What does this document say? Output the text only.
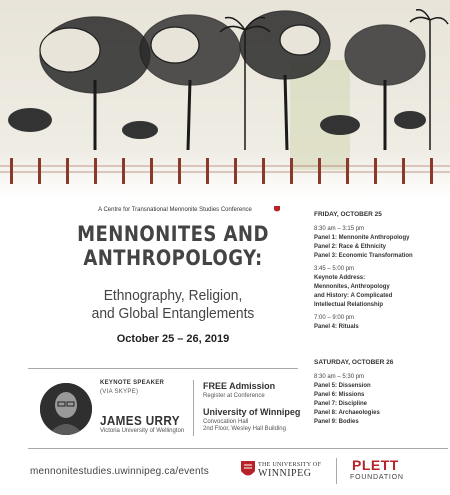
A Centre for Transnational Mennonite Studies Conference
MENNONITES AND
ANTHROPOLOGY:
Ethnography, Religion,
and Global Entanglements
October 25 – 26, 2019
KEYNOTE SPEAKER
(VIA SKYPE)
JAMES URRY
Victoria University of Wellington
FREE Admission
Register at Conference
University of Winnipeg
Convocation Hall
2nd Floor, Wesley Hall Building
FRIDAY, OCTOBER 25
8:30 am – 3:15 pm
Panel 1: Mennonite Anthropology
Panel 2: Race & Ethnicity
Panel 3: Economic Transformation
3:45 – 5:00 pm
Keynote Address:
Mennonites, Anthropology
and History: A Complicated
Intellectual Relationship
7:00 – 9:00 pm
Panel 4: Rituals
SATURDAY, OCTOBER 26
8:30 am – 5:30 pm
Panel 5: Dissension
Panel 6: Missions
Panel 7: Discipline
Panel 8: Archaeologies
Panel 9: Bodies
mennonitestudies.uwinnipeg.ca/events
THE UNIVERSITY OF
WINNIPEG
PLETT
FOUNDATION
